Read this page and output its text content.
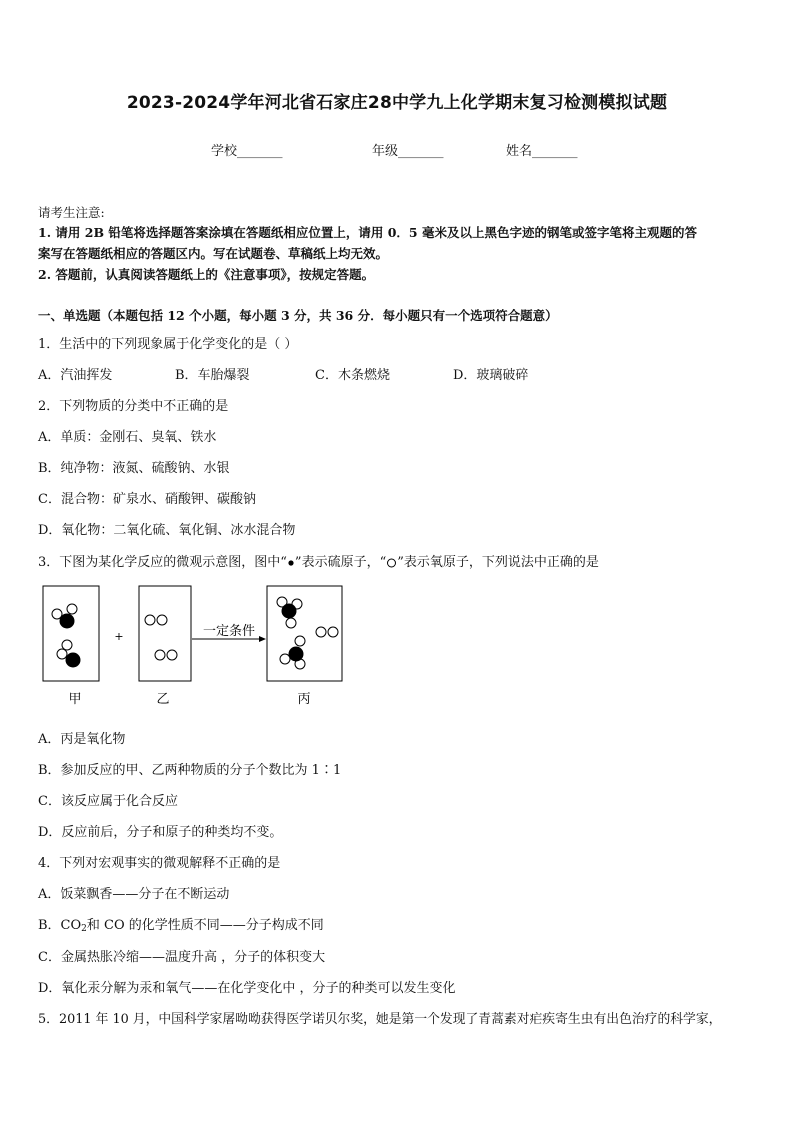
2023-2024学年河北省石家庄28中学九上化学期末复习检测模拟试题
学校_______	年级_______	姓名_______
请考生注意:
1. 请用 2B 铅笔将选择题答案涂填在答题纸相应位置上，请用 0．5 毫米及以上黑色字迹的钢笔或签字笔将主观题的答
案写在答题纸相应的答题区内。写在试题卷、草稿纸上均无效。
2. 答题前，认真阅读答题纸上的《注意事项》，按规定答题。
一、单选题（本题包括 12 个小题，每小题 3 分，共 36 分．每小题只有一个选项符合题意）
1．生活中的下列现象属于化学变化的是（ ）
A．汽油挥发	B．车胎爆裂	C．木条燃烧	D．玻璃破碎
2．下列物质的分类中不正确的是
A．单质：金刚石、臭氧、铁水
B．纯净物：液氮、硫酸钠、水银
C．混合物：矿泉水、硝酸钾、碳酸钠
D．氧化物：二氧化硫、氧化铜、冰水混合物
3．下图为某化学反应的微观示意图，图中“ ”表示硫原子，“ ”表示氧原子，下列说法中正确的是
+	一定条件
甲	乙	丙
A．丙是氧化物
B．参加反应的甲、乙两种物质的分子个数比为 1∶1
C．该反应属于化合反应
D．反应前后，分子和原子的种类均不变。
4．下列对宏观事实的微观解释不正确的是
A．饭菜飘香——分子在不断运动
B．$CO_2$和 CO 的化学性质不同——分子构成不同
C．金属热胀冷缩——温度升高 ，分子的体积变大
D．氧化汞分解为汞和氧气——在化学变化中 ，分子的种类可以发生变化
5．2011 年 10 月，中国科学家屠呦呦获得医学诺贝尔奖，她是第一个发现了青蒿素对疟疾寄生虫有出色治疗的科学家，
